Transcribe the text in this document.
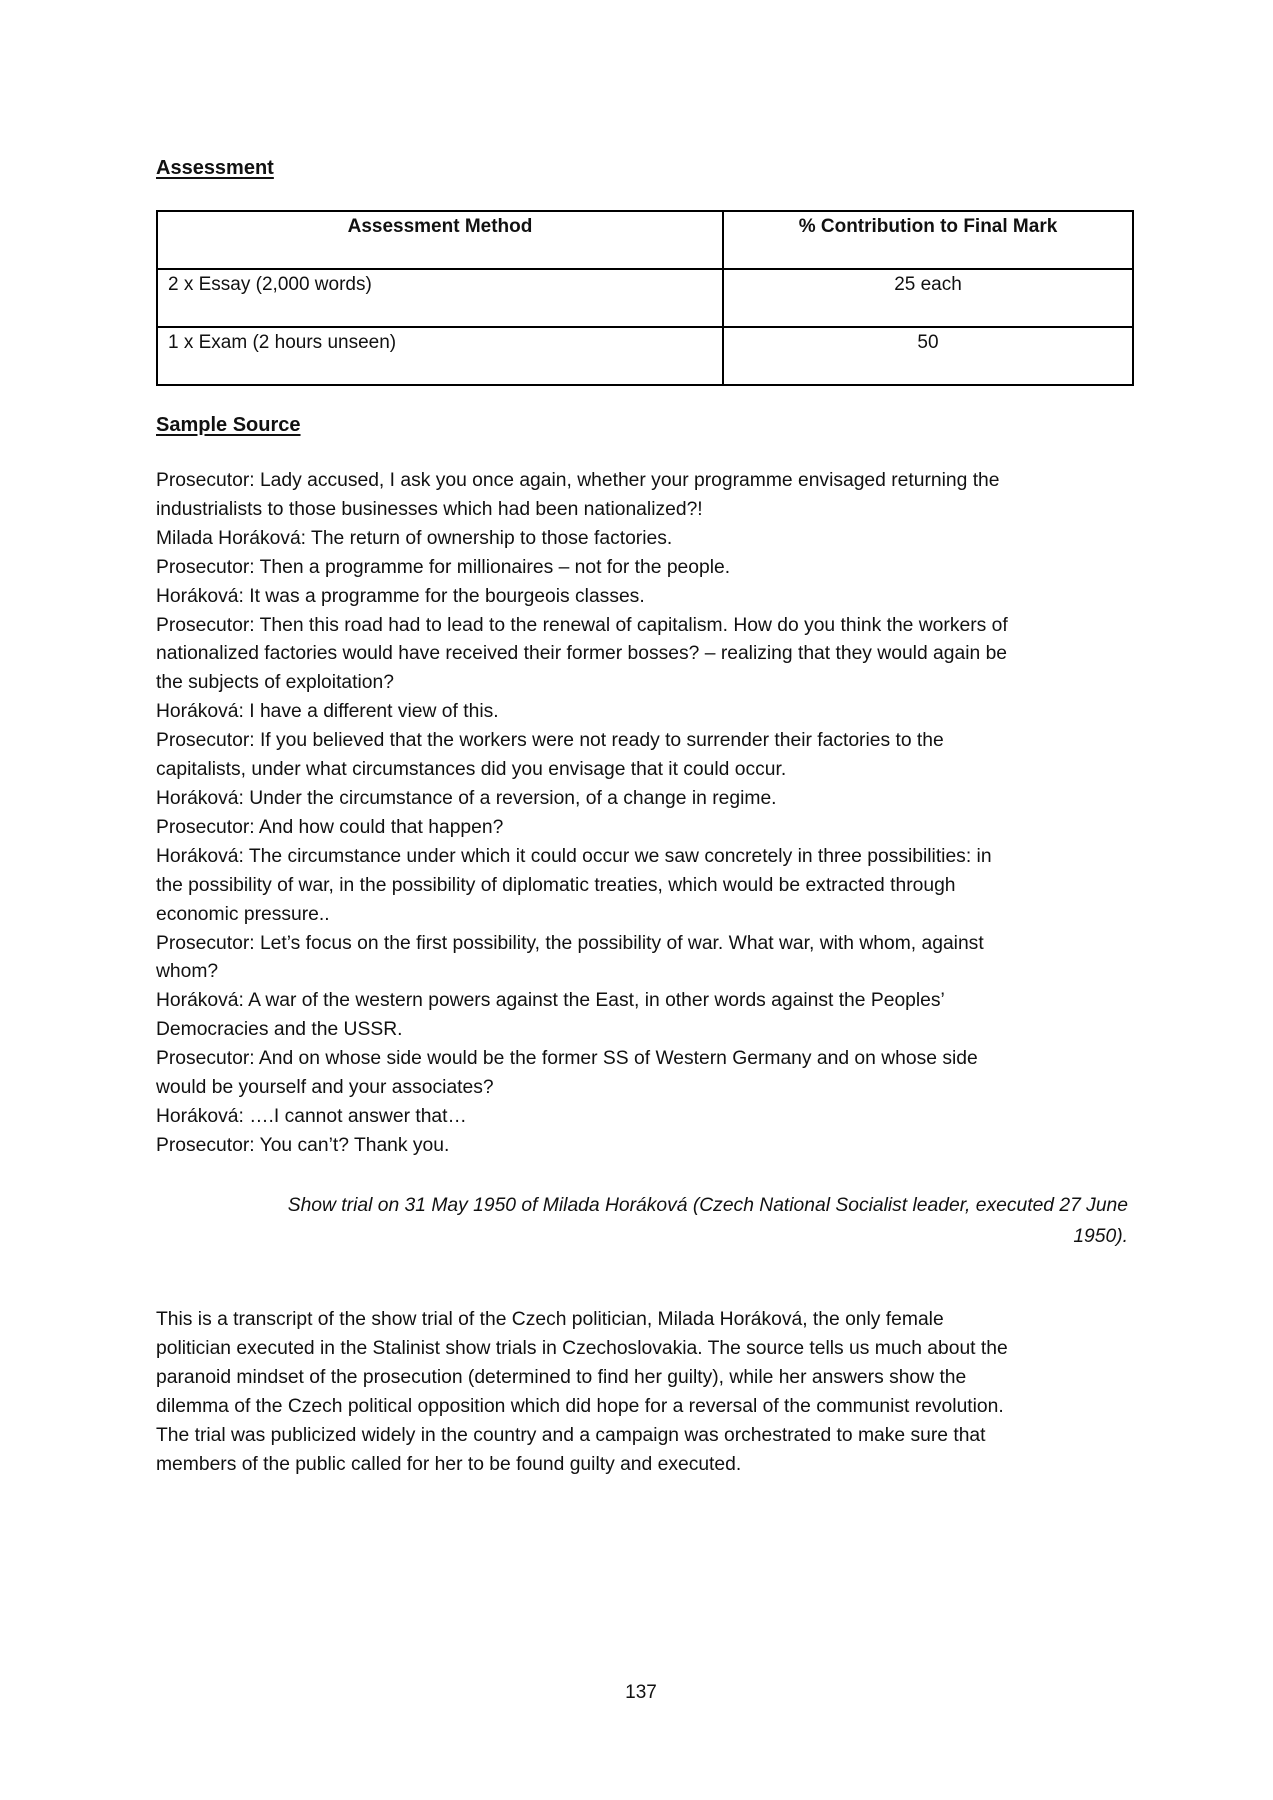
Assessment
Assessment Method	% Contribution to Final Mark
2 x Essay (2,000 words)	25 each
1 x Exam (2 hours unseen)	50
Sample Source
Prosecutor: Lady accused, I ask you once again, whether your programme envisaged returning the
industrialists to those businesses which had been nationalized?!
Milada Horáková: The return of ownership to those factories.
Prosecutor: Then a programme for millionaires – not for the people.
Horáková: It was a programme for the bourgeois classes.
Prosecutor: Then this road had to lead to the renewal of capitalism. How do you think the workers of
nationalized factories would have received their former bosses? – realizing that they would again be
the subjects of exploitation?
Horáková: I have a different view of this.
Prosecutor: If you believed that the workers were not ready to surrender their factories to the
capitalists, under what circumstances did you envisage that it could occur.
Horáková: Under the circumstance of a reversion, of a change in regime.
Prosecutor: And how could that happen?
Horáková: The circumstance under which it could occur we saw concretely in three possibilities: in
the possibility of war, in the possibility of diplomatic treaties, which would be extracted through
economic pressure..
Prosecutor: Let’s focus on the first possibility, the possibility of war. What war, with whom, against
whom?
Horáková: A war of the western powers against the East, in other words against the Peoples’
Democracies and the USSR.
Prosecutor: And on whose side would be the former SS of Western Germany and on whose side
would be yourself and your associates?
Horáková: ….I cannot answer that…
Prosecutor: You can’t? Thank you.
Show trial on 31 May 1950 of Milada Horáková (Czech National Socialist leader, executed 27 June
1950).
This is a transcript of the show trial of the Czech politician, Milada Horáková, the only female
politician executed in the Stalinist show trials in Czechoslovakia. The source tells us much about the
paranoid mindset of the prosecution (determined to find her guilty), while her answers show the
dilemma of the Czech political opposition which did hope for a reversal of the communist revolution.
The trial was publicized widely in the country and a campaign was orchestrated to make sure that
members of the public called for her to be found guilty and executed.
137
